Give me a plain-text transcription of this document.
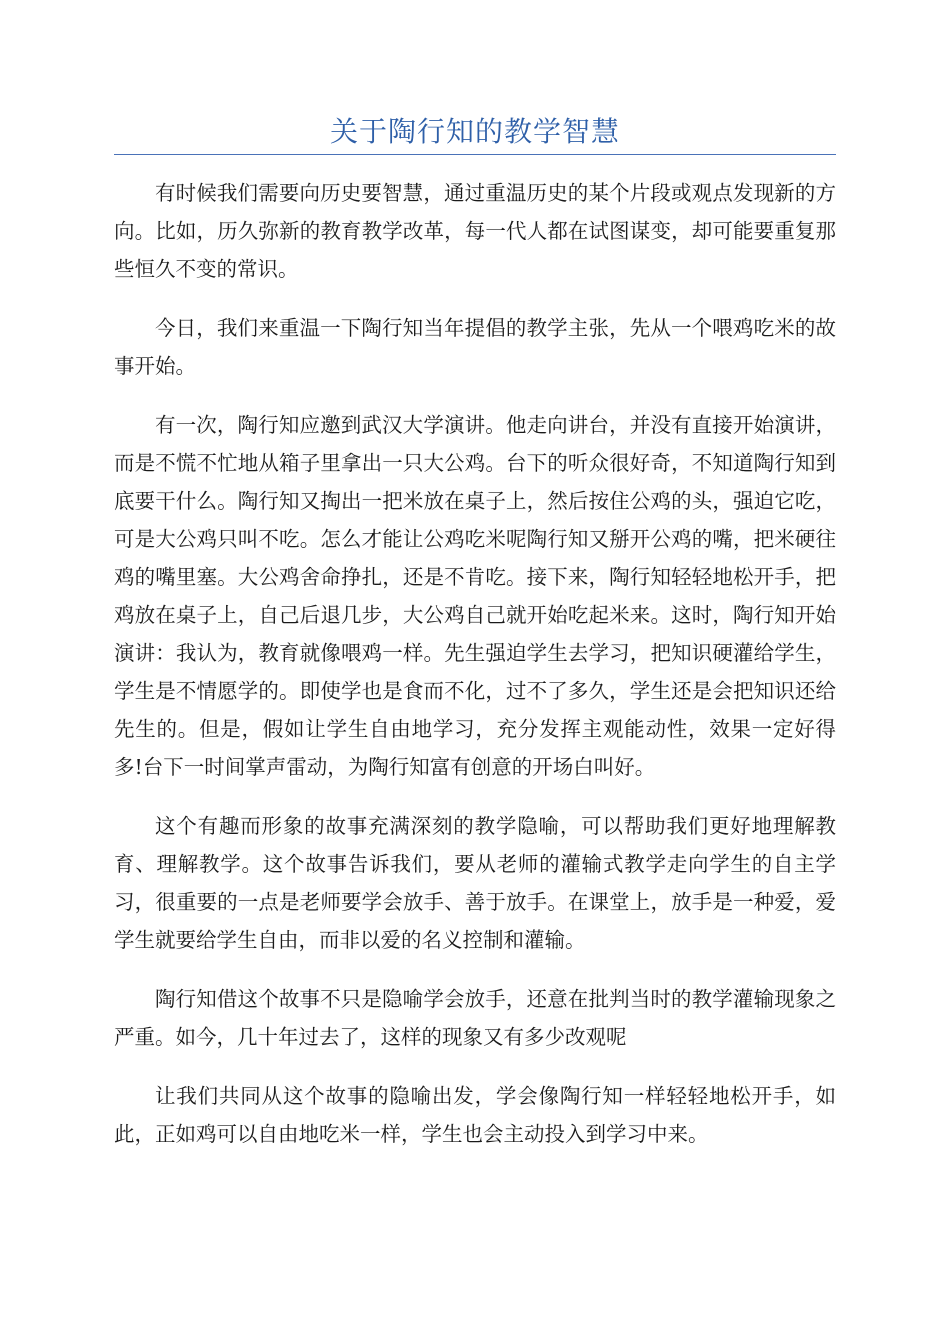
关于陶行知的教学智慧

有时候我们需要向历史要智慧，通过重温历史的某个片段或观点发现新的方向。比如，历久弥新的教育教学改革，每一代人都在试图谋变，却可能要重复那些恒久不变的常识。

今日，我们来重温一下陶行知当年提倡的教学主张，先从一个喂鸡吃米的故事开始。

有一次，陶行知应邀到武汉大学演讲。他走向讲台，并没有直接开始演讲，而是不慌不忙地从箱子里拿出一只大公鸡。台下的听众很好奇，不知道陶行知到底要干什么。陶行知又掏出一把米放在桌子上，然后按住公鸡的头，强迫它吃，可是大公鸡只叫不吃。怎么才能让公鸡吃米呢陶行知又掰开公鸡的嘴，把米硬往鸡的嘴里塞。大公鸡舍命挣扎，还是不肯吃。接下来，陶行知轻轻地松开手，把鸡放在桌子上，自己后退几步，大公鸡自己就开始吃起米来。这时，陶行知开始演讲：我认为，教育就像喂鸡一样。先生强迫学生去学习，把知识硬灌给学生，学生是不情愿学的。即使学也是食而不化，过不了多久，学生还是会把知识还给先生的。但是，假如让学生自由地学习，充分发挥主观能动性，效果一定好得多!台下一时间掌声雷动，为陶行知富有创意的开场白叫好。

这个有趣而形象的故事充满深刻的教学隐喻，可以帮助我们更好地理解教育、理解教学。这个故事告诉我们，要从老师的灌输式教学走向学生的自主学习，很重要的一点是老师要学会放手、善于放手。在课堂上，放手是一种爱，爱学生就要给学生自由，而非以爱的名义控制和灌输。

陶行知借这个故事不只是隐喻学会放手，还意在批判当时的教学灌输现象之严重。如今，几十年过去了，这样的现象又有多少改观呢

让我们共同从这个故事的隐喻出发，学会像陶行知一样轻轻地松开手，如此，正如鸡可以自由地吃米一样，学生也会主动投入到学习中来。
